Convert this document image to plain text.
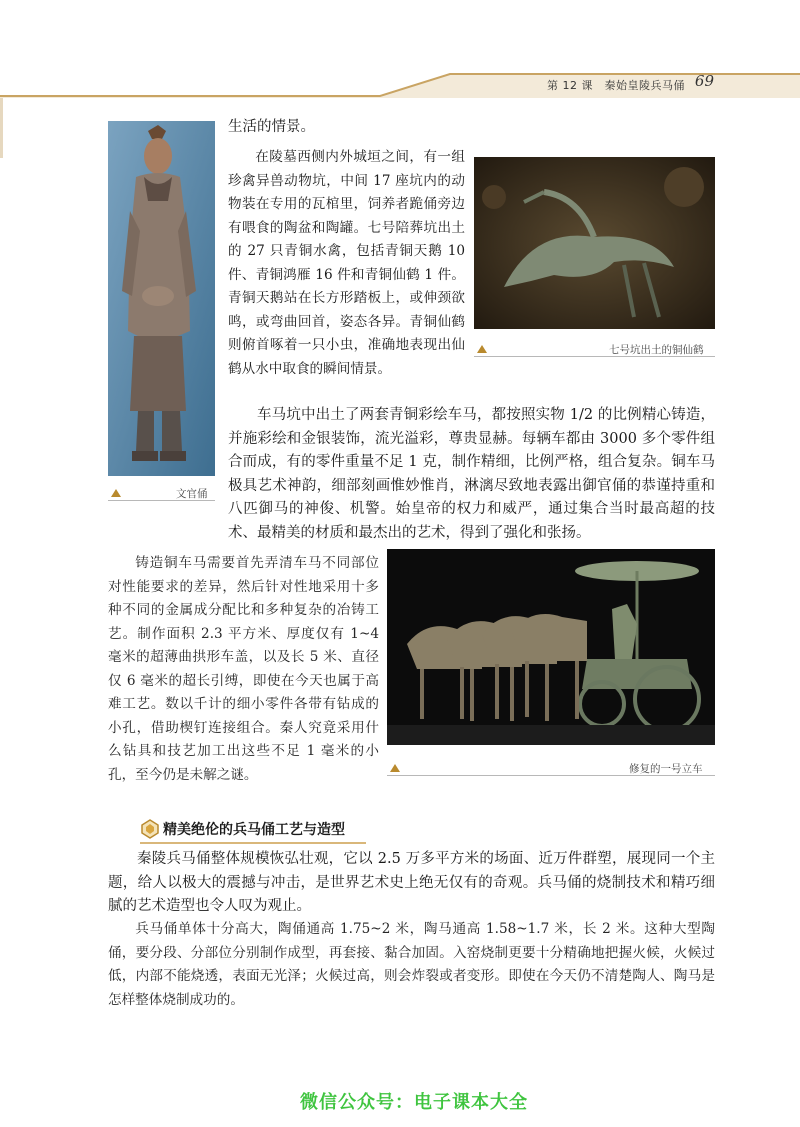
第 12 课　秦始皇陵兵马俑 69
文官俑
七号坑出土的铜仙鹤
生活的情景。

在陵墓西侧内外城垣之间，有一组珍禽异兽动物坑，中间 17 座坑内的动物装在专用的瓦棺里，饲养者跪俑旁边有喂食的陶盆和陶罐。七号陪葬坑出土的 27 只青铜水禽，包括青铜天鹅 10 件、青铜鸿雁 16 件和青铜仙鹤 1 件。青铜天鹅站在长方形踏板上，或伸颈欲鸣，或弯曲回首，姿态各异。青铜仙鹤则俯首啄着一只小虫，准确地表现出仙鹤从水中取食的瞬间情景。

车马坑中出土了两套青铜彩绘车马，都按照实物 1/2 的比例精心铸造，并施彩绘和金银装饰，流光溢彩，尊贵显赫。每辆车都由 3000 多个零件组合而成，有的零件重量不足 1 克，制作精细，比例严格，组合复杂。铜车马极具艺术神韵，细部刻画惟妙惟肖，淋漓尽致地表露出御官俑的恭谨持重和八匹御马的神俊、机警。始皇帝的权力和威严，通过集合当时最高超的技术、最精美的材质和最杰出的艺术，得到了强化和张扬。

铸造铜车马需要首先弄清车马不同部位对性能要求的差异，然后针对性地采用十多种不同的金属成分配比和多种复杂的冶铸工艺。制作面积 2.3 平方米、厚度仅有 1~4 毫米的超薄曲拱形车盖，以及长 5 米、直径仅 6 毫米的超长引缚，即使在今天也属于高难工艺。数以千计的细小零件各带有钻成的小孔，借助楔钉连接组合。秦人究竟采用什么钻具和技艺加工出这些不足 1 毫米的小孔，至今仍是未解之谜。	修复的一号立车
精美绝伦的兵马俑工艺与造型

秦陵兵马俑整体规模恢弘壮观，它以 2.5 万多平方米的场面、近万件群塑，展现同一个主题，给人以极大的震撼与冲击，是世界艺术史上绝无仅有的奇观。兵马俑的烧制技术和精巧细腻的艺术造型也令人叹为观止。

兵马俑单体十分高大，陶俑通高 1.75~2 米，陶马通高 1.58~1.7 米，长 2 米。这种大型陶俑，要分段、分部位分别制作成型，再套接、黏合加固。入窑烧制更要十分精确地把握火候，火候过低，内部不能烧透，表面无光泽；火候过高，则会炸裂或者变形。即使在今天仍不清楚陶人、陶马是怎样整体烧制成功的。

微信公众号：电子课本大全
